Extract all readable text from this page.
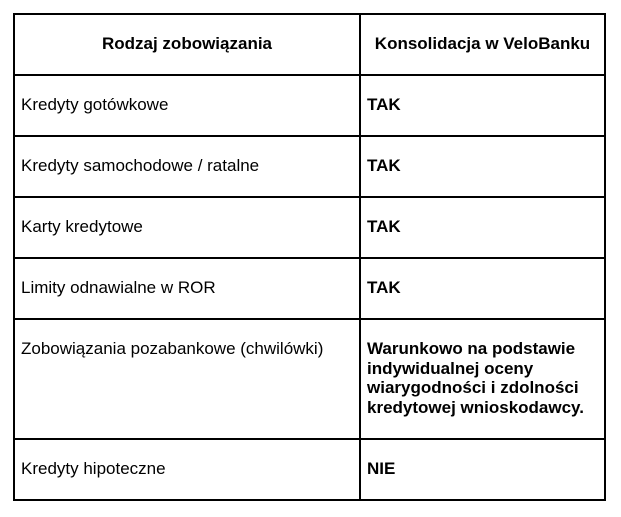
Rodzaj zobowiązania	Konsolidacja w VeloBanku
Kredyty gotówkowe	TAK
Kredyty samochodowe / ratalne	TAK
Karty kredytowe	TAK
Limity odnawialne w ROR	TAK
Zobowiązania pozabankowe (chwilówki)	Warunkowo na podstawie indywidualnej oceny wiarygodności i zdolności kredytowej wnioskodawcy.
Kredyty hipoteczne	NIE
